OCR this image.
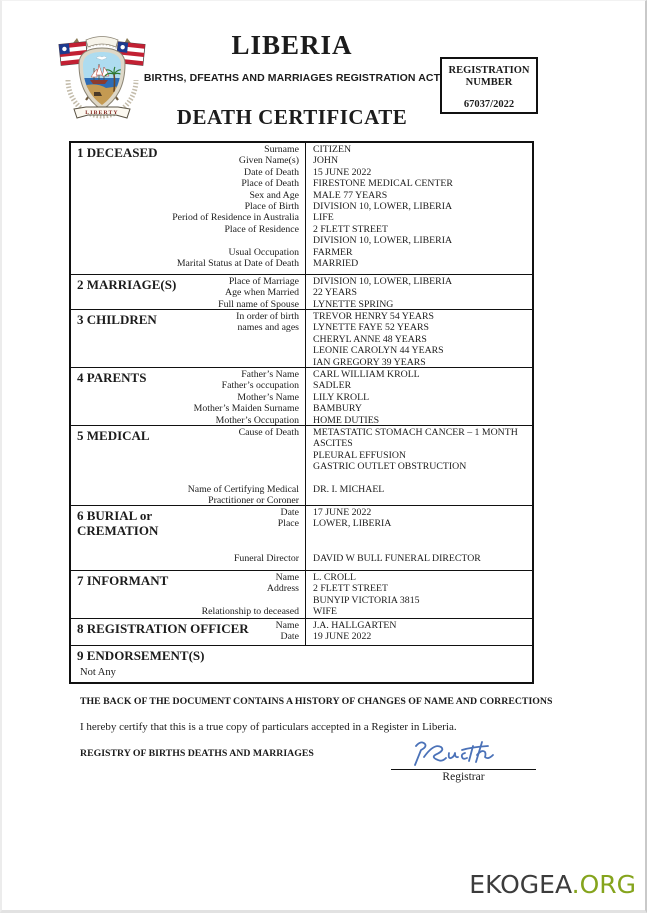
LIBERTY
LIBERIA
BIRTHS, DFEATHS AND MARRIAGES REGISTRATION ACT
DEATH CERTIFICATE
REGISTRATION
NUMBER
67037/2022
1 DECEASED	Surname	CITIZEN
Given Name(s)	JOHN
Date of Death	15 JUNE 2022
Place of Death	FIRESTONE MEDICAL CENTER
Sex and Age	MALE 77 YEARS
Place of Birth	DIVISION 10, LOWER, LIBERIA
Period of Residence in Australia	LIFE
Place of Residence	2 FLETT STREET
DIVISION 10, LOWER, LIBERIA
Usual Occupation	FARMER
Marital Status at Date of Death	MARRIED
2 MARRIAGE(S)	Place of Marriage	DIVISION 10, LOWER, LIBERIA
Age when Married	22 YEARS
Full name of Spouse	LYNETTE SPRING
3 CHILDREN	In order of birth	TREVOR HENRY 54 YEARS
names and ages	LYNETTE FAYE 52 YEARS
CHERYL ANNE 48 YEARS
LEONIE CAROLYN 44 YEARS
IAN GREGORY 39 YEARS
4 PARENTS	Father’s Name	CARL WILLIAM KROLL
Father’s occupation	SADLER
Mother’s Name	LILY KROLL
Mother’s Maiden Surname	BAMBURY
Mother’s Occupation	HOME DUTIES
5 MEDICAL	Cause of Death	METASTATIC STOMACH CANCER – 1 MONTH
ASCITES
PLEURAL EFFUSION
GASTRIC OUTLET OBSTRUCTION
Name of Certifying Medical	DR. I. MICHAEL
Practitioner or Coroner
6 BURIAL or
CREMATION
Date	17 JUNE 2022
Place	LOWER, LIBERIA
Funeral Director	DAVID W BULL FUNERAL DIRECTOR
7 INFORMANT	Name	L. CROLL
Address	2 FLETT STREET
BUNYIP VICTORIA 3815
Relationship to deceased	WIFE
8 REGISTRATION OFFICER	Name	J.A. HALLGARTEN
Date	19 JUNE 2022
9 ENDORSEMENT(S)
Not Any
THE BACK OF THE DOCUMENT CONTAINS A HISTORY OF CHANGES OF NAME AND CORRECTIONS
I hereby certify that this is a true copy of particulars accepted in a Register in Liberia.
REGISTRY OF BIRTHS DEATHS AND MARRIAGES
Registrar
EKOGEA.ORG
